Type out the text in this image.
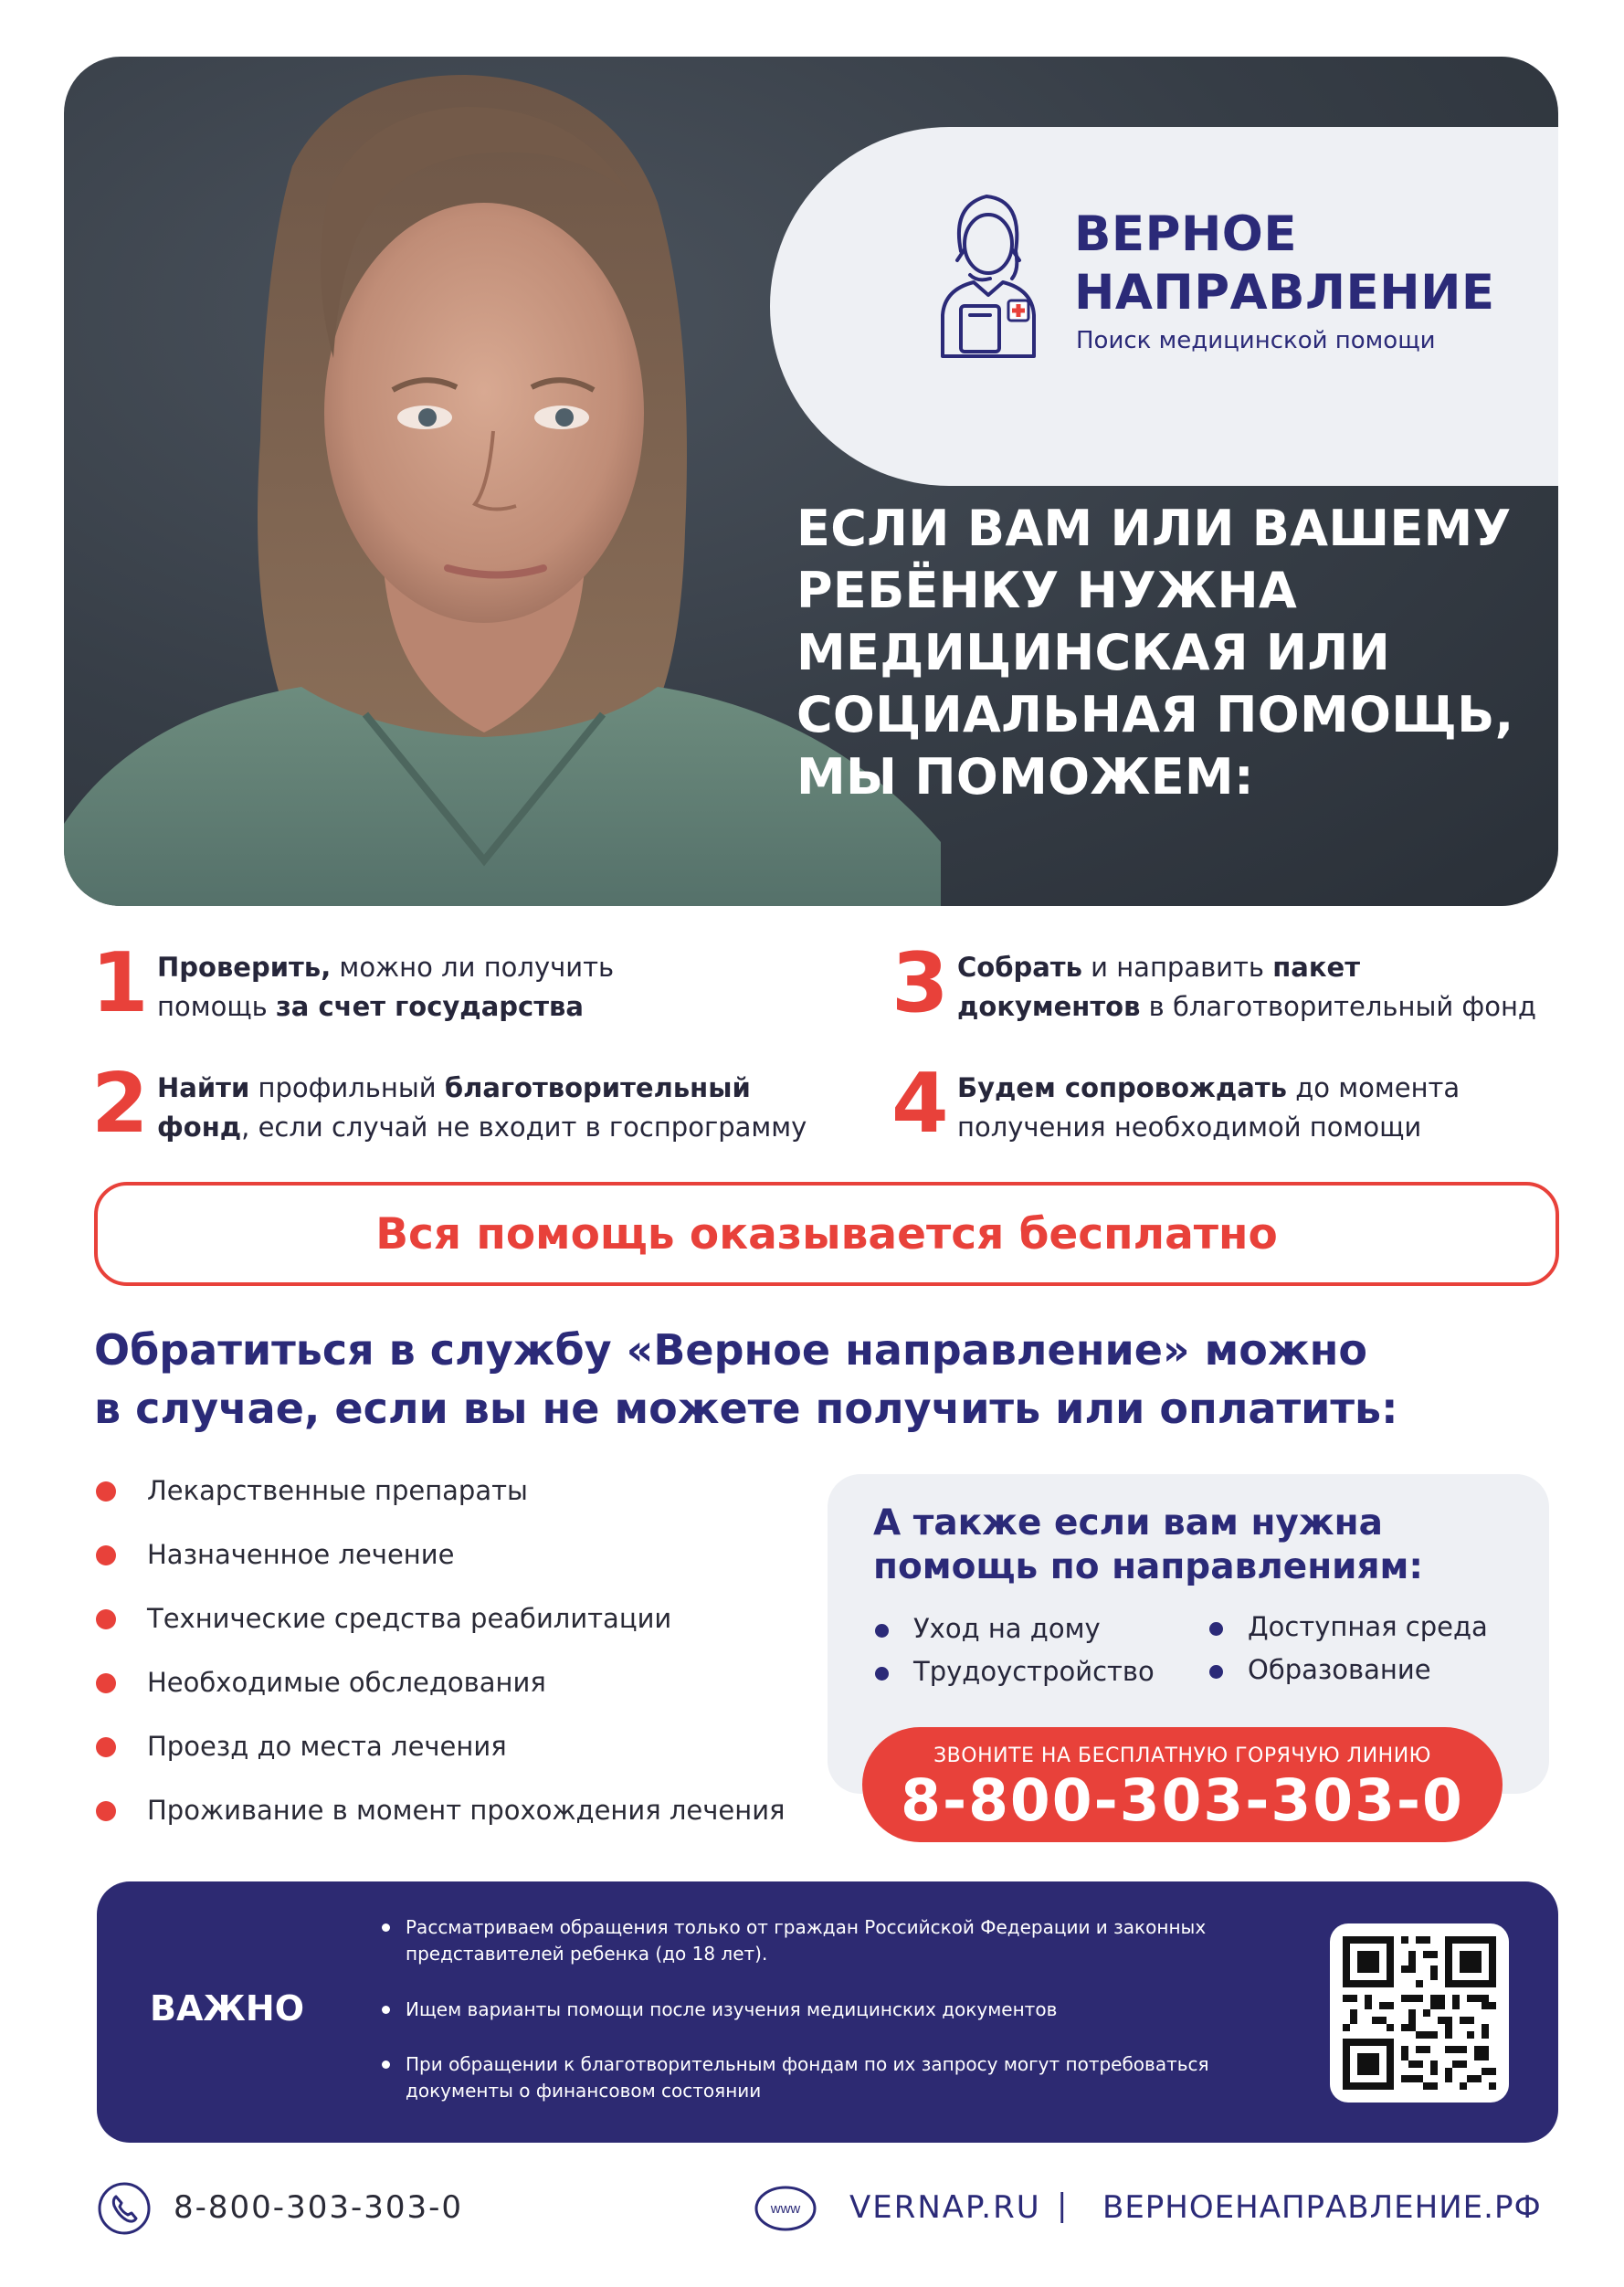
ВЕРНОЕ
НАПРАВЛЕНИЕ
Поиск медицинской помощи
ЕСЛИ ВАМ ИЛИ ВАШЕМУ
РЕБЁНКУ НУЖНА
МЕДИЦИНСКАЯ ИЛИ
СОЦИАЛЬНАЯ ПОМОЩЬ,
МЫ ПОМОЖЕМ:
1 Проверить, можно ли получить
помощь за счет государства
2 Найти профильный благотворительный
фонд, если случай не входит в госпрограмму
3 Собрать и направить пакет
документов в благотворительный фонд
4 Будем сопровождать до момента
получения необходимой помощи
Вся помощь оказывается бесплатно
Обратиться в службу «Верное направление» можно
в случае, если вы не можете получить или оплатить:
Лекарственные препараты
Назначенное лечение
Технические средства реабилитации
Необходимые обследования
Проезд до места лечения
Проживание в момент прохождения лечения
А также если вам нужна
помощь по направлениям:
Уход на дому	Доступная среда
Трудоустройство	Образование
ЗВОНИТЕ НА БЕСПЛАТНУЮ ГОРЯЧУЮ ЛИНИЮ
8-800-303-303-0
ВАЖНО
Рассматриваем обращения только от граждан Российской Федерации и законных представителей ребенка (до 18 лет).
Ищем варианты помощи после изучения медицинских документов
При обращении к благотворительным фондам по их запросу могут потребоваться документы о финансовом состоянии
8-800-303-303-0	www VERNAP.RU | ВЕРНОЕНАПРАВЛЕНИЕ.РФ
